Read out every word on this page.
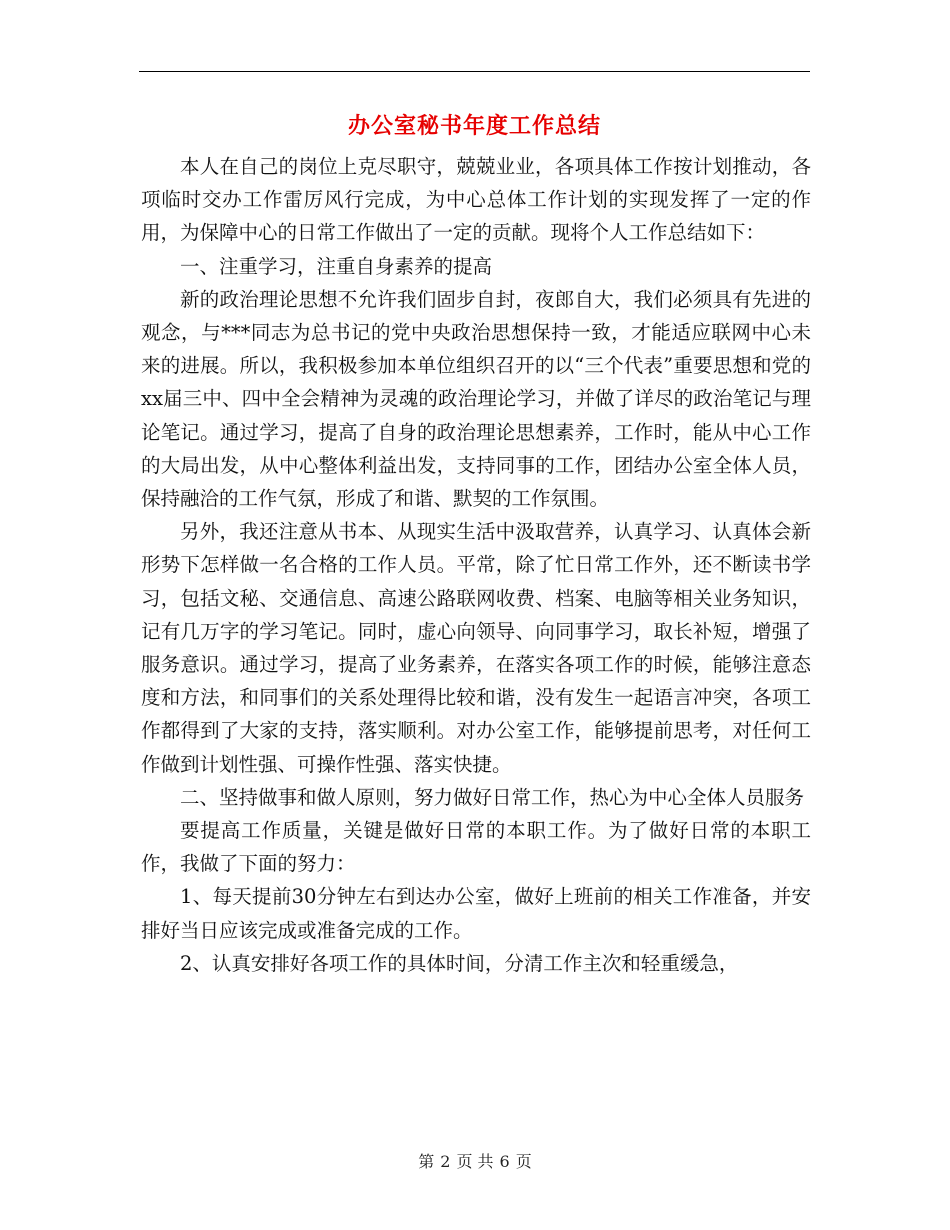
办公室秘书年度工作总结

本人在自己的岗位上克尽职守，兢兢业业，各项具体工作按计划推动，各项临时交办工作雷厉风行完成，为中心总体工作计划的实现发挥了一定的作用，为保障中心的日常工作做出了一定的贡献。现将个人工作总结如下：

一、注重学习，注重自身素养的提高

新的政治理论思想不允许我们固步自封，夜郎自大，我们必须具有先进的观念，与***同志为总书记的党中央政治思想保持一致，才能适应联网中心未来的进展。所以，我积极参加本单位组织召开的以“三个代表”重要思想和党的xx届三中、四中全会精神为灵魂的政治理论学习，并做了详尽的政治笔记与理论笔记。通过学习，提高了自身的政治理论思想素养，工作时，能从中心工作的大局出发，从中心整体利益出发，支持同事的工作，团结办公室全体人员，保持融洽的工作气氛，形成了和谐、默契的工作氛围。

另外，我还注意从书本、从现实生活中汲取营养，认真学习、认真体会新形势下怎样做一名合格的工作人员。平常，除了忙日常工作外，还不断读书学习，包括文秘、交通信息、高速公路联网收费、档案、电脑等相关业务知识，记有几万字的学习笔记。同时，虚心向领导、向同事学习，取长补短，增强了服务意识。通过学习，提高了业务素养，在落实各项工作的时候，能够注意态度和方法，和同事们的关系处理得比较和谐，没有发生一起语言冲突，各项工作都得到了大家的支持，落实顺利。对办公室工作，能够提前思考，对任何工作做到计划性强、可操作性强、落实快捷。

二、坚持做事和做人原则，努力做好日常工作，热心为中心全体人员服务

要提高工作质量，关键是做好日常的本职工作。为了做好日常的本职工作，我做了下面的努力：

1、每天提前30分钟左右到达办公室，做好上班前的相关工作准备，并安排好当日应该完成或准备完成的工作。

2、认真安排好各项工作的具体时间，分清工作主次和轻重缓急，

第 2 页 共 6 页
